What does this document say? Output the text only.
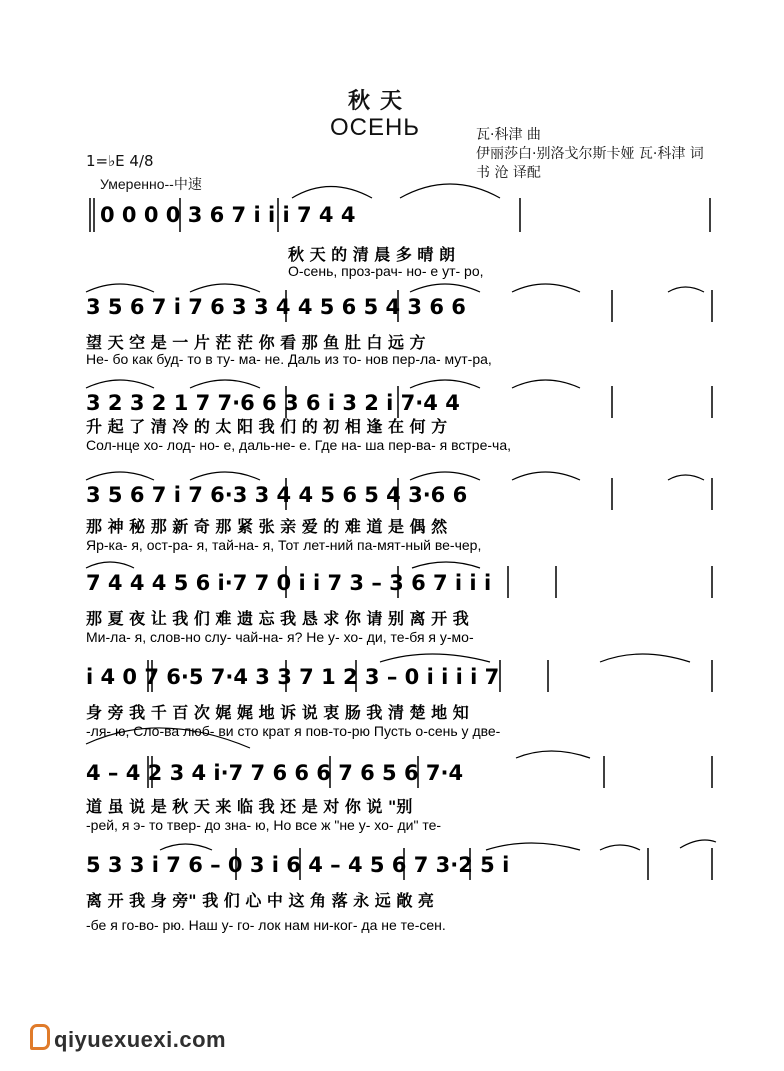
秋天
ОСЕНЬ	瓦·科津 曲
伊丽莎白·别洛戈尔斯卡娅 瓦·科津 词
书 沧 译配
1=♭E 4/8
Умеренно--中速
0 0 0 0 3 6 7 i i i 7 4 4
秋 天 的 清 晨 多 晴 朗
О-сень, проз-рач- но- е ут- ро,
3 5 6 7 i 7 6 3 3 4 4 5 6 5 4 3 6 6
望 天 空 是 一 片 茫 茫 你 看 那 鱼 肚 白 远 方
Не- бо как буд- то в ту- ма- не. Даль из то- нов пер-ла- мут-ра,
3 2 3 2 1 7 7·6 6 3 6 i 3 2 i 7·4 4
升 起 了 清 冷 的 太 阳 我 们 的 初 相 逢 在 何 方
Сол-нце хо- лод- но- е, даль-не- е. Где на- ша пер-ва- я встре-ча,
3 5 6 7 i 7 6·3 3 4 4 5 6 5 4 3·6 6
那 神 秘 那 新 奇 那 紧 张 亲 爱 的 难 道 是 偶 然
Яр-ка- я, ост-ра- я, тай-на- я, Тот лет-ний па-мят-ный ве-чер,
7 4 4 4 5 6 i·7 7 0 i i 7 3 – 3 6 7 i i i
那 夏 夜 让 我 们 难 遗 忘 我 恳 求 你 请 别 离 开 我
Ми-ла- я, слов-но слу- чай-на- я? Не у- хо- ди, те-бя я у-мо-
i 4 0 7 6·5 7·4 3 3 7 1 2 3 – 0 i i i i 7
身 旁 我 千 百 次 娓 娓 地 诉 说 衷 肠 我 清 楚 地 知
-ля- ю, Сло-ва люб- ви сто крат я пов-то-рю Пусть о-сень у две-
4 – 4 2 3 4 i·7 7 6 6 6 7 6 5 6 7·4
道 虽 说 是 秋 天 来 临 我 还 是 对 你 说 "别
-рей, я э- то твер- до зна- ю, Но все ж "не у- хо- ди" те-
5 3 3 i 7 6 – 0 3 i 6 4 – 4 5 6 7 3·2 5 i
离 开 我 身 旁" 我 们 心 中 这 角 落 永 远 敞 亮
-бе я го-во- рю. Наш у- го- лок нам ни-ког- да не те-сен.
qiyuexuexi.com
